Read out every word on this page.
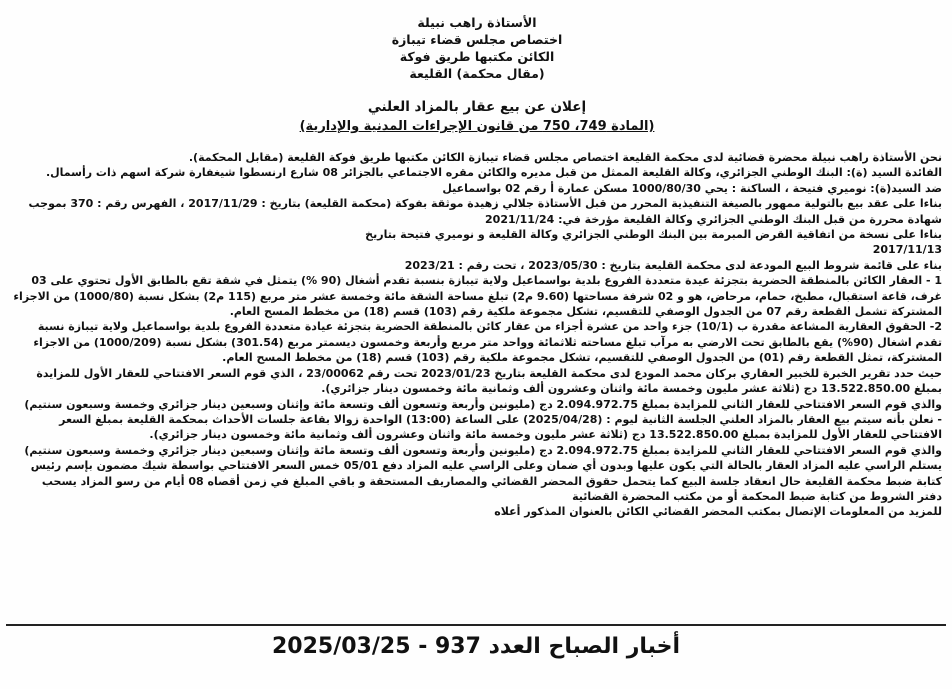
الأستاذة راهب نبيلة
اختصاص مجلس قضاء تيبازة
الكائن مكتبها طريق فوكة
(مقال محكمة) القليعة
إعلان عن بيع عقار بالمزاد العلني
(المادة 749، 750 من قانون الإجراءات المدنية والإدارية)

نحن الأستاذة راهب نبيلة محضرة قضائية لدى محكمة القليعة اختصاص مجلس قضاء تيبازة الكائن مكتبها طريق فوكة القليعة (مقابل المحكمة).

الفائدة السيد (ة): البنك الوطني الجزائري، وكالة القليعة الممثل من قبل مديره والكائن مقره الاجتماعي بالجزائر 08 شارع ارنسطوا شيغفارة شركة اسهم ذات رأسمال.

ضد السيد(ة): نوميري فتيحة ، الساكنة : يحي 1000/80/30 مسكن عمارة أ رقم 02 بواسماعيل

بناءا على عقد بيع بالتولية ممهور بالصيغة التنفيذية المحرر من قبل الأستاذة جلالي زهيدة موثقة بفوكة (محكمة القليعة) بتاريخ : 2017/11/29 ، الفهرس رقم : 370 بموجب

شهادة محررة من قبل البنك الوطني الجزائري وكالة القليعة مؤرخة في: 2021/11/24

بناءا على نسخة من اتفاقية القرض المبرمة بين البنك الوطني الجزائري وكالة القليعة و نوميري فتيحة بتاريخ

2017/11/13

بناء على قائمة شروط البيع المودعة لدى محكمة القليعة بتاريخ : 2023/05/30 ، تحت رقم : 2023/21

1 - العقار الكائن بالمنطقة الحضرية بتجزئة عيدة متعددة الفروع بلدية بواسماعيل ولاية تيبازة بنسبة تقدم أشغال (90 %) يتمثل في شقة تقع بالطابق الأول تحتوي على 03

غرف، قاعة استقبال، مطبخ، حمام، مرحاض، هو و 02 شرفة مساحتها (9.60 م2) تبلغ مساحة الشقة مائة وخمسة عشر متر مربع (115 م2) بشكل نسبة (1000/80) من الاجزاء

المشتركة تشمل القطعة رقم 07 من الجدول الوصفي للتقسيم، تشكل مجموعة ملكية رقم (103) قسم (18) من مخطط المسح العام.

2- الحقوق العقارية المشاعة مقدرة ب (10/1) جزء واحد من عشرة أجزاء من عقار كائن بالمنطقة الحضرية بتجزئة عيادة متعددة الفروع بلدية بواسماعيل ولاية تيبازة نسبة

تقدم اشغال (90%) يقع بالطابق تحت الارضي به مرآب تبلغ مساحته ثلاثمائة وواحد متر مربع وأربعة وخمسون ديسمتر مربع (301.54) بشكل نسبة (1000/209) من الاجزاء

المشتركة، تمثل القطعة رقم (01) من الجدول الوصفي للتقسيم، تشكل مجموعة ملكية رقم (103) قسم (18) من مخطط المسح العام.

حيث حدد تقرير الخبرة للخبير العقاري بركان محمد المودع لدى محكمة القليعة بتاريخ 2023/01/23 تحت رقم 23/00062 ، الذي قوم السعر الافتتاحي للعقار الأول للمزايدة

بمبلغ 13.522.850.00 دج (ثلاثة عشر مليون وخمسة مائة واثنان وعشرون ألف وثمانية مائة وخمسون دينار جزائري).

والذي قوم السعر الافتتاحي للعقار الثاني للمزايدة بمبلغ 2.094.972.75 دج (مليونين وأربعة وتسعون ألف وتسعة مائة وإثنان وسبعين دينار جزائري وخمسة وسبعون سنتيم)

- نعلن بأنه سيتم بيع العقار بالمزاد العلني الجلسة الثانية ليوم : (2025/04/28) على الساعة (13:00) الواحدة زوالا بقاعة جلسات الأحداث بمحكمة القليعة بمبلغ السعر

الافتتاحي للعقار الأول للمزايدة بمبلغ 13.522.850.00 دج (ثلاثة عشر مليون وخمسة مائة واثنان وعشرون ألف وثمانية مائة وخمسون دينار جزائري).

والذي قوم السعر الافتتاحي للعقار الثاني للمزايدة بمبلغ 2.094.972.75 دج (مليونين وأربعة وتسعون ألف وتسعة مائة وإثنان وسبعين دينار جزائري وخمسة وسبعون سنتيم)

يستلم الراسي عليه المزاد العقار بالحالة التي يكون عليها وبدون أي ضمان وعلى الراسي عليه المزاد دفع 05/01 خمس السعر الافتتاحي بواسطة شيك مضمون بإسم رئيس

كتابة ضبط محكمة القليعة حال انعقاد جلسة البيع كما يتحمل حقوق المحضر القضائي والمصاريف المستحقة و باقي المبلغ في زمن أقصاه 08 أيام من رسو المزاد يسحب

دفتر الشروط من كتابة ضبط المحكمة أو من مكتب المحضرة القضائية

للمزيد من المعلومات الإتصال بمكتب المحضر القضائي الكائن بالعنوان المذكور أعلاه

أخبار الصباح العدد 937 - 2025/03/25
